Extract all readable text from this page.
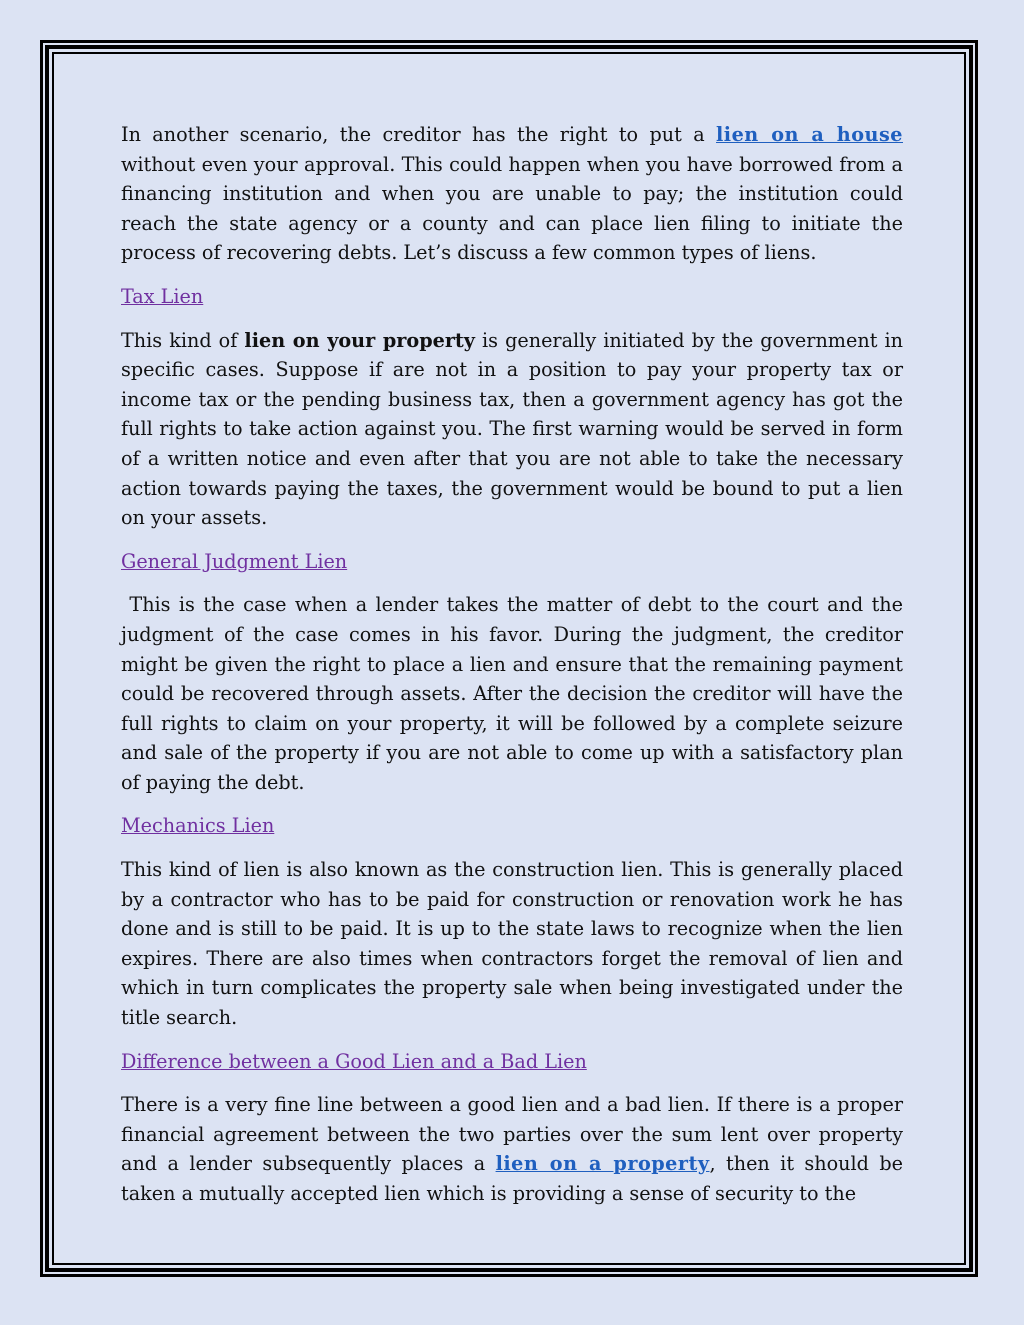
In another scenario, the creditor has the right to put a lien on a house without even your approval. This could happen when you have borrowed from a financing institution and when you are unable to pay; the institution could reach the state agency or a county and can place lien filing to initiate the process of recovering debts. Let’s discuss a few common types of liens.

Tax Lien

This kind of lien on your property is generally initiated by the government in specific cases. Suppose if are not in a position to pay your property tax or income tax or the pending business tax, then a government agency has got the full rights to take action against you. The first warning would be served in form of a written notice and even after that you are not able to take the necessary action towards paying the taxes, the government would be bound to put a lien on your assets.

General Judgment Lien

This is the case when a lender takes the matter of debt to the court and the judgment of the case comes in his favor. During the judgment, the creditor might be given the right to place a lien and ensure that the remaining payment could be recovered through assets. After the decision the creditor will have the full rights to claim on your property, it will be followed by a complete seizure and sale of the property if you are not able to come up with a satisfactory plan of paying the debt.

Mechanics Lien

This kind of lien is also known as the construction lien. This is generally placed by a contractor who has to be paid for construction or renovation work he has done and is still to be paid. It is up to the state laws to recognize when the lien expires. There are also times when contractors forget the removal of lien and which in turn complicates the property sale when being investigated under the title search.

Difference between a Good Lien and a Bad Lien

There is a very fine line between a good lien and a bad lien. If there is a proper financial agreement between the two parties over the sum lent over property and a lender subsequently places a lien on a property, then it should be taken a mutually accepted lien which is providing a sense of security to the
